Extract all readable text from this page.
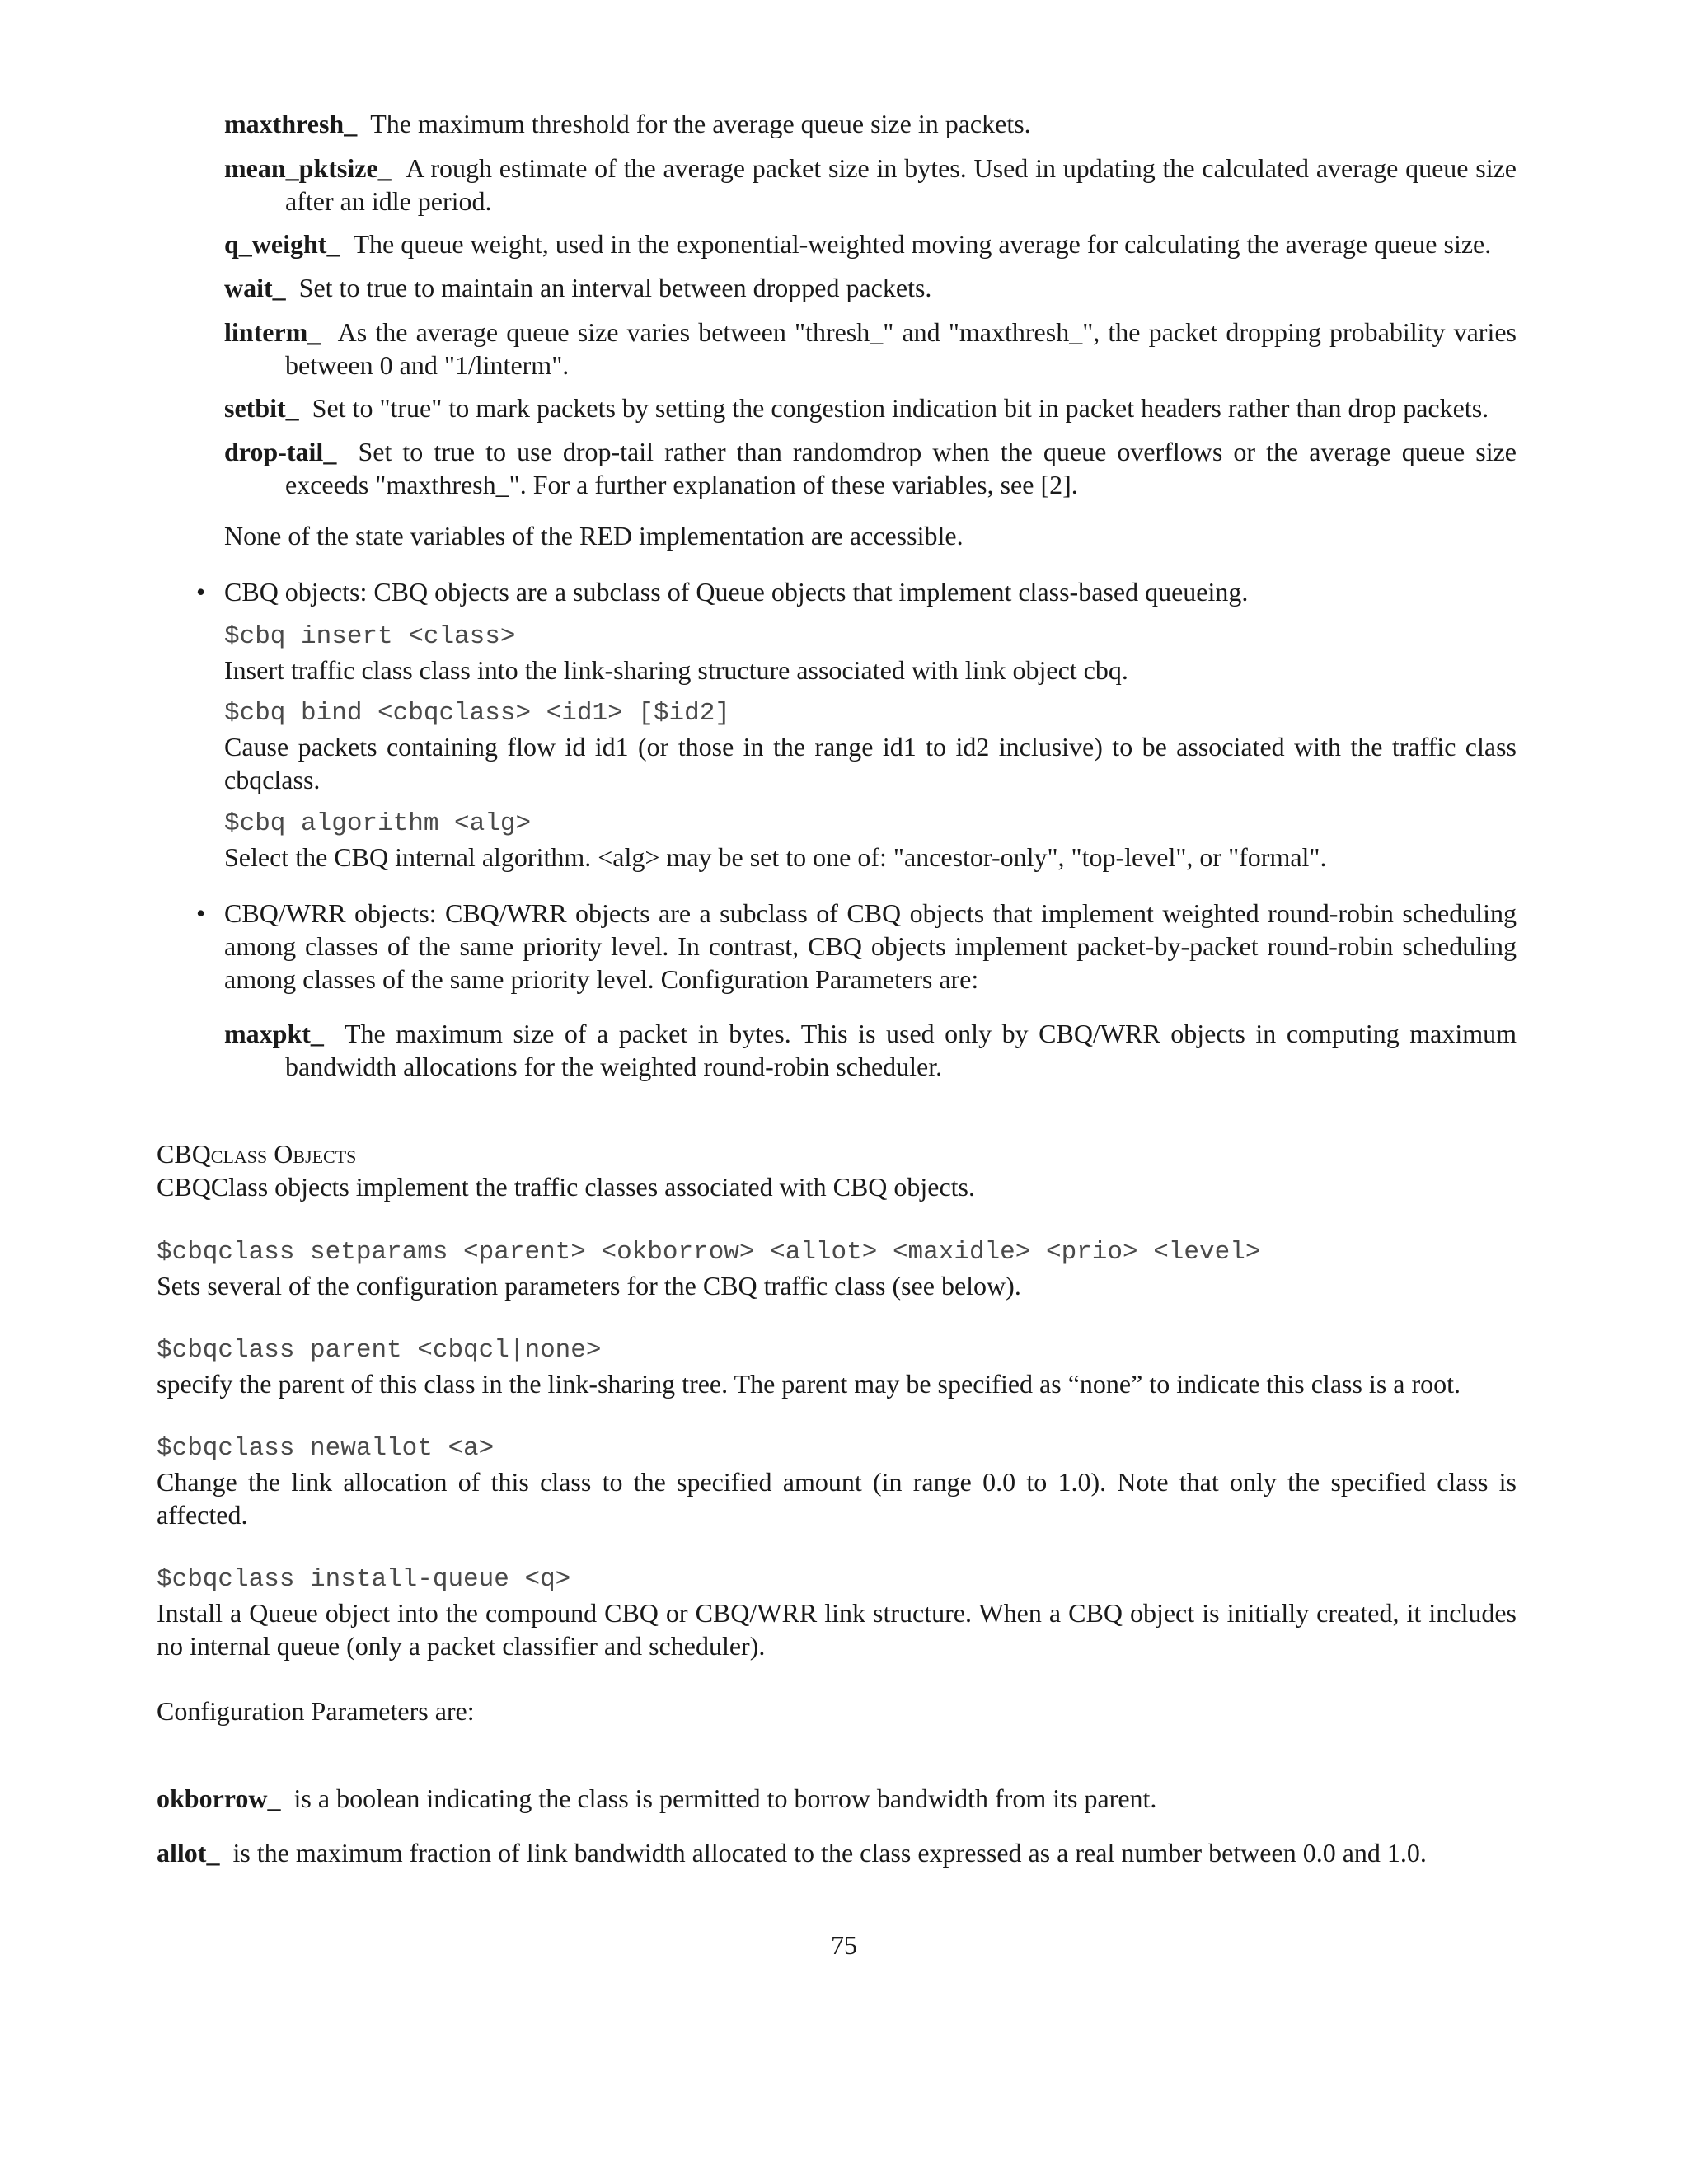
maxthresh_ The maximum threshold for the average queue size in packets.
mean_pktsize_ A rough estimate of the average packet size in bytes. Used in updating the calculated average queue size after an idle period.
q_weight_ The queue weight, used in the exponential-weighted moving average for calculating the average queue size.
wait_ Set to true to maintain an interval between dropped packets.
linterm_ As the average queue size varies between "thresh_" and "maxthresh_", the packet dropping probability varies between 0 and "1/linterm".
setbit_ Set to "true" to mark packets by setting the congestion indication bit in packet headers rather than drop packets.
drop-tail_ Set to true to use drop-tail rather than randomdrop when the queue overflows or the average queue size exceeds "maxthresh_". For a further explanation of these variables, see [2].
None of the state variables of the RED implementation are accessible.
• CBQ objects: CBQ objects are a subclass of Queue objects that implement class-based queueing.
$cbq insert <class>
Insert traffic class class into the link-sharing structure associated with link object cbq.
$cbq bind <cbqclass> <id1> [$id2]
Cause packets containing flow id id1 (or those in the range id1 to id2 inclusive) to be associated with the traffic class cbqclass.
$cbq algorithm <alg>
Select the CBQ internal algorithm. <alg> may be set to one of: "ancestor-only", "top-level", or "formal".
• CBQ/WRR objects: CBQ/WRR objects are a subclass of CBQ objects that implement weighted round-robin scheduling among classes of the same priority level. In contrast, CBQ objects implement packet-by-packet round-robin scheduling among classes of the same priority level. Configuration Parameters are:
maxpkt_ The maximum size of a packet in bytes. This is used only by CBQ/WRR objects in computing maximum bandwidth allocations for the weighted round-robin scheduler.
CBQclass Objects
CBQClass objects implement the traffic classes associated with CBQ objects.
$cbqclass setparams <parent> <okborrow> <allot> <maxidle> <prio> <level>
Sets several of the configuration parameters for the CBQ traffic class (see below).
$cbqclass parent <cbqcl|none>
specify the parent of this class in the link-sharing tree. The parent may be specified as “none” to indicate this class is a root.
$cbqclass newallot <a>
Change the link allocation of this class to the specified amount (in range 0.0 to 1.0). Note that only the specified class is affected.
$cbqclass install-queue <q>
Install a Queue object into the compound CBQ or CBQ/WRR link structure. When a CBQ object is initially created, it includes no internal queue (only a packet classifier and scheduler).
Configuration Parameters are:
okborrow_ is a boolean indicating the class is permitted to borrow bandwidth from its parent.
allot_ is the maximum fraction of link bandwidth allocated to the class expressed as a real number between 0.0 and 1.0.
75
